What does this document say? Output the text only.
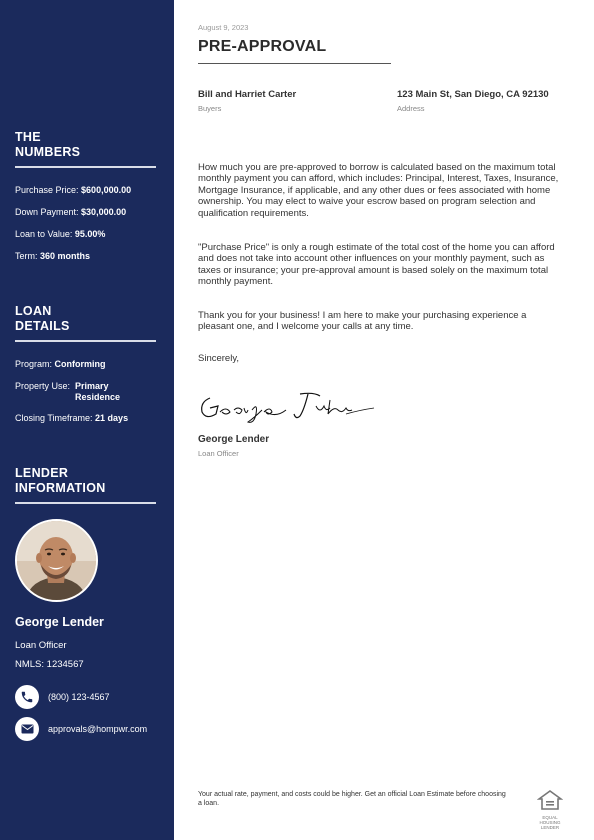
THE
NUMBERS
Purchase Price: $600,000.00
Down Payment: $30,000.00
Loan to Value: 95.00%
Term: 360 months
LOAN
DETAILS
Program: Conforming
Property Use: Primary Residence
Closing Timeframe: 21 days
LENDER
INFORMATION
George Lender
Loan Officer
NMLS: 1234567
(800) 123-4567
approvals@hompwr.com
August 9, 2023
PRE-APPROVAL
Bill and Harriet Carter
Buyers
123 Main St, San Diego, CA 92130
Address
How much you are pre-approved to borrow is calculated based on the maximum total monthly payment you can afford, which includes: Principal, Interest, Taxes, Insurance, Mortgage Insurance, if applicable, and any other dues or fees associated with home ownership. You may elect to waive your escrow based on program selection and qualification requirements.
"Purchase Price" is only a rough estimate of the total cost of the home you can afford and does not take into account other influences on your monthly payment, such as taxes or insurance; your pre-approval amount is based solely on the maximum total monthly payment.
Thank you for your business! I am here to make your purchasing experience a pleasant one, and I welcome your calls at any time.
Sincerely,
George Lender
Loan Officer
Your actual rate, payment, and costs could be higher. Get an official Loan Estimate before choosing a loan.
EQUAL HOUSING LENDER
